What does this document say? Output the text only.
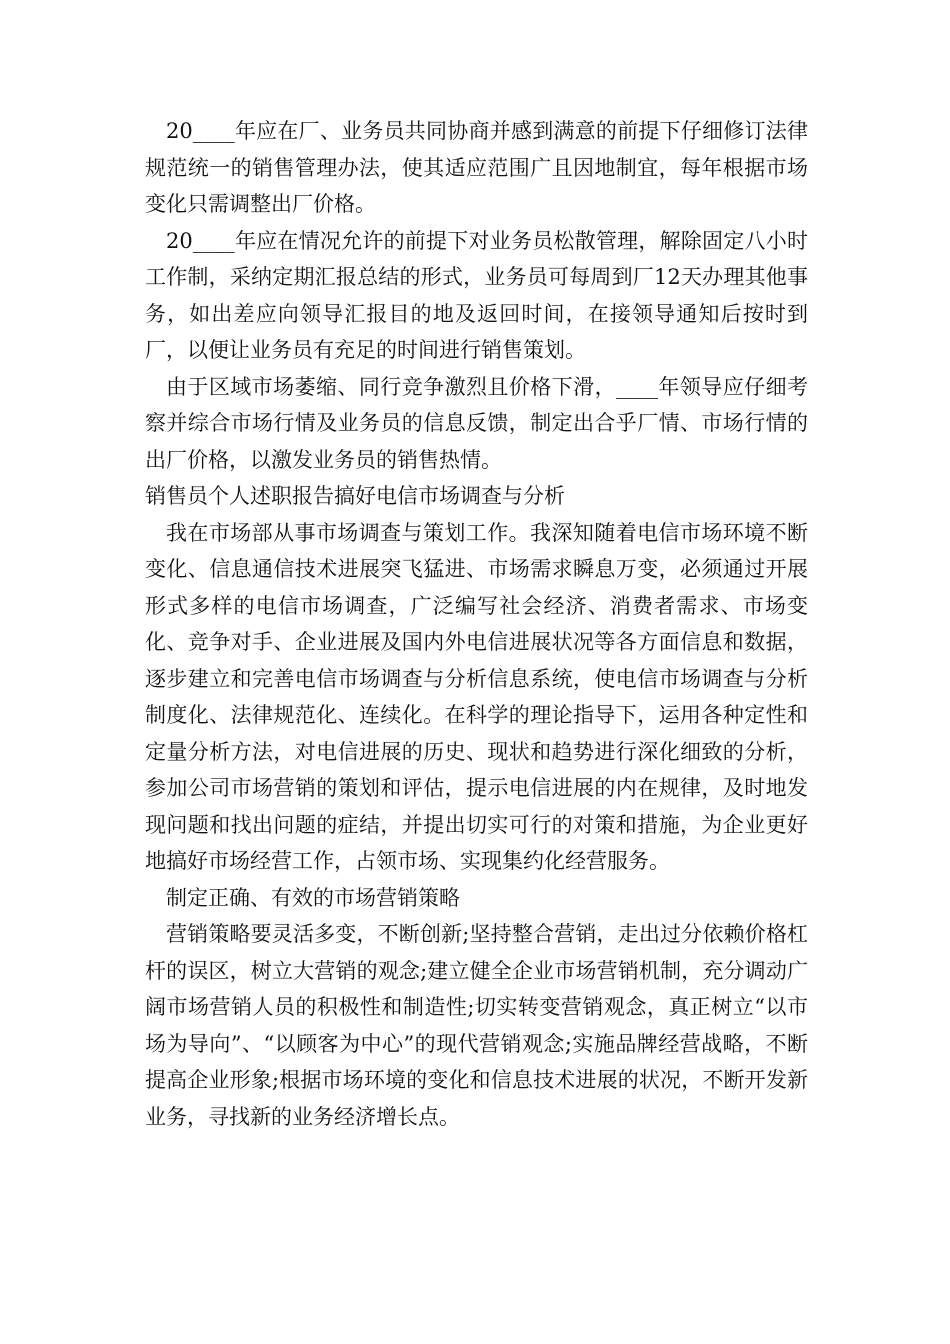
20____年应在厂、业务员共同协商并感到满意的前提下仔细修订法律规范统一的销售管理办法，使其适应范围广且因地制宜，每年根据市场变化只需调整出厂价格。

20____年应在情况允许的前提下对业务员松散管理，解除固定八小时工作制，采纳定期汇报总结的形式，业务员可每周到厂12天办理其他事务，如出差应向领导汇报目的地及返回时间，在接领导通知后按时到厂，以便让业务员有充足的时间进行销售策划。

由于区域市场萎缩、同行竞争激烈且价格下滑，____年领导应仔细考察并综合市场行情及业务员的信息反馈，制定出合乎厂情、市场行情的出厂价格，以激发业务员的销售热情。

销售员个人述职报告搞好电信市场调查与分析

我在市场部从事市场调查与策划工作。我深知随着电信市场环境不断变化、信息通信技术进展突飞猛进、市场需求瞬息万变，必须通过开展形式多样的电信市场调查，广泛编写社会经济、消费者需求、市场变化、竞争对手、企业进展及国内外电信进展状况等各方面信息和数据，逐步建立和完善电信市场调查与分析信息系统，使电信市场调查与分析制度化、法律规范化、连续化。在科学的理论指导下，运用各种定性和定量分析方法，对电信进展的历史、现状和趋势进行深化细致的分析，参加公司市场营销的策划和评估，提示电信进展的内在规律，及时地发现问题和找出问题的症结，并提出切实可行的对策和措施，为企业更好地搞好市场经营工作，占领市场、实现集约化经营服务。

制定正确、有效的市场营销策略

营销策略要灵活多变，不断创新;坚持整合营销，走出过分依赖价格杠杆的误区，树立大营销的观念;建立健全企业市场营销机制，充分调动广阔市场营销人员的积极性和制造性;切实转变营销观念，真正树立“以市场为导向”、“以顾客为中心”的现代营销观念;实施品牌经营战略，不断提高企业形象;根据市场环境的变化和信息技术进展的状况，不断开发新业务，寻找新的业务经济增长点。
